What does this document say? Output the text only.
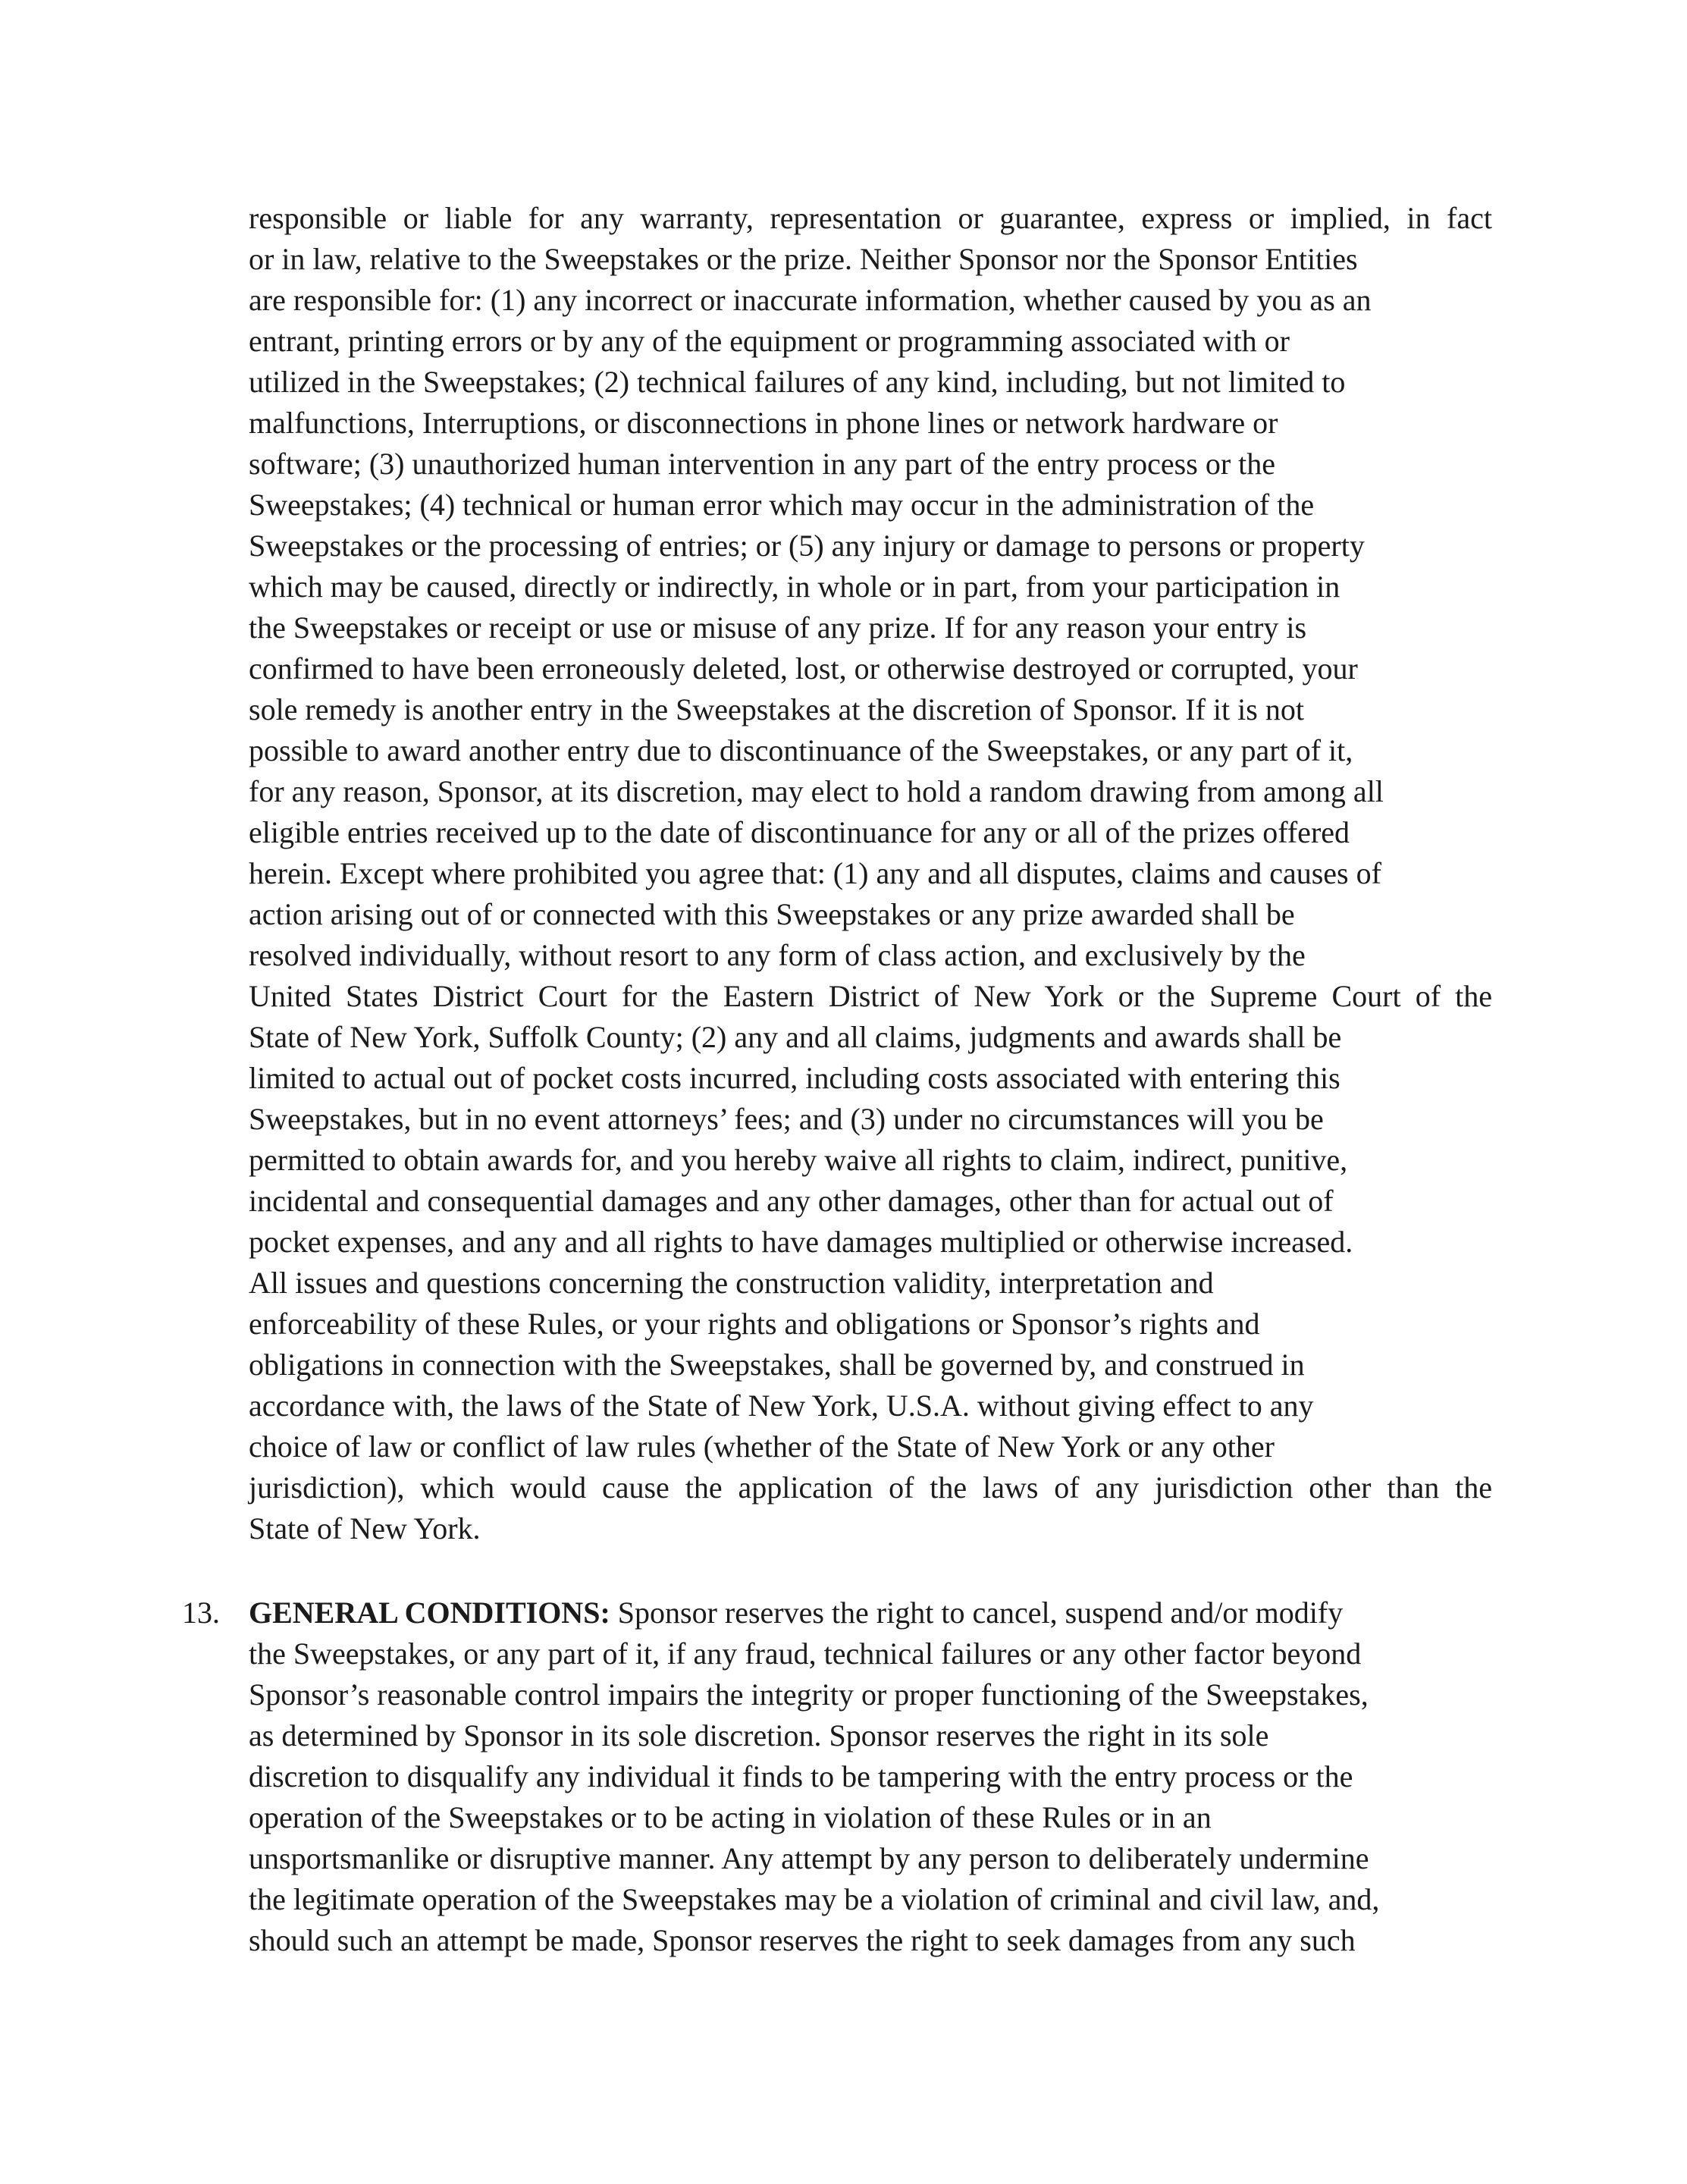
responsible or liable for any warranty, representation or guarantee, express or implied, in fact

or in law, relative to the Sweepstakes or the prize. Neither Sponsor nor the Sponsor Entities

are responsible for: (1) any incorrect or inaccurate information, whether caused by you as an

entrant, printing errors or by any of the equipment or programming associated with or

utilized in the Sweepstakes; (2) technical failures of any kind, including, but not limited to

malfunctions, Interruptions, or disconnections in phone lines or network hardware or

software; (3) unauthorized human intervention in any part of the entry process or the

Sweepstakes; (4) technical or human error which may occur in the administration of the

Sweepstakes or the processing of entries; or (5) any injury or damage to persons or property

which may be caused, directly or indirectly, in whole or in part, from your participation in

the Sweepstakes or receipt or use or misuse of any prize. If for any reason your entry is

confirmed to have been erroneously deleted, lost, or otherwise destroyed or corrupted, your

sole remedy is another entry in the Sweepstakes at the discretion of Sponsor. If it is not

possible to award another entry due to discontinuance of the Sweepstakes, or any part of it,

for any reason, Sponsor, at its discretion, may elect to hold a random drawing from among all

eligible entries received up to the date of discontinuance for any or all of the prizes offered

herein. Except where prohibited you agree that: (1) any and all disputes, claims and causes of

action arising out of or connected with this Sweepstakes or any prize awarded shall be

resolved individually, without resort to any form of class action, and exclusively by the

United States District Court for the Eastern District of New York or the Supreme Court of the

State of New York, Suffolk County; (2) any and all claims, judgments and awards shall be

limited to actual out of pocket costs incurred, including costs associated with entering this

Sweepstakes, but in no event attorneys’ fees; and (3) under no circumstances will you be

permitted to obtain awards for, and you hereby waive all rights to claim, indirect, punitive,

incidental and consequential damages and any other damages, other than for actual out of

pocket expenses, and any and all rights to have damages multiplied or otherwise increased.

All issues and questions concerning the construction validity, interpretation and

enforceability of these Rules, or your rights and obligations or Sponsor’s rights and

obligations in connection with the Sweepstakes, shall be governed by, and construed in

accordance with, the laws of the State of New York, U.S.A. without giving effect to any

choice of law or conflict of law rules (whether of the State of New York or any other

jurisdiction), which would cause the application of the laws of any jurisdiction other than the

State of New York.

13. GENERAL CONDITIONS: Sponsor reserves the right to cancel, suspend and/or modify

the Sweepstakes, or any part of it, if any fraud, technical failures or any other factor beyond

Sponsor’s reasonable control impairs the integrity or proper functioning of the Sweepstakes,

as determined by Sponsor in its sole discretion. Sponsor reserves the right in its sole

discretion to disqualify any individual it finds to be tampering with the entry process or the

operation of the Sweepstakes or to be acting in violation of these Rules or in an

unsportsmanlike or disruptive manner. Any attempt by any person to deliberately undermine

the legitimate operation of the Sweepstakes may be a violation of criminal and civil law, and,

should such an attempt be made, Sponsor reserves the right to seek damages from any such
